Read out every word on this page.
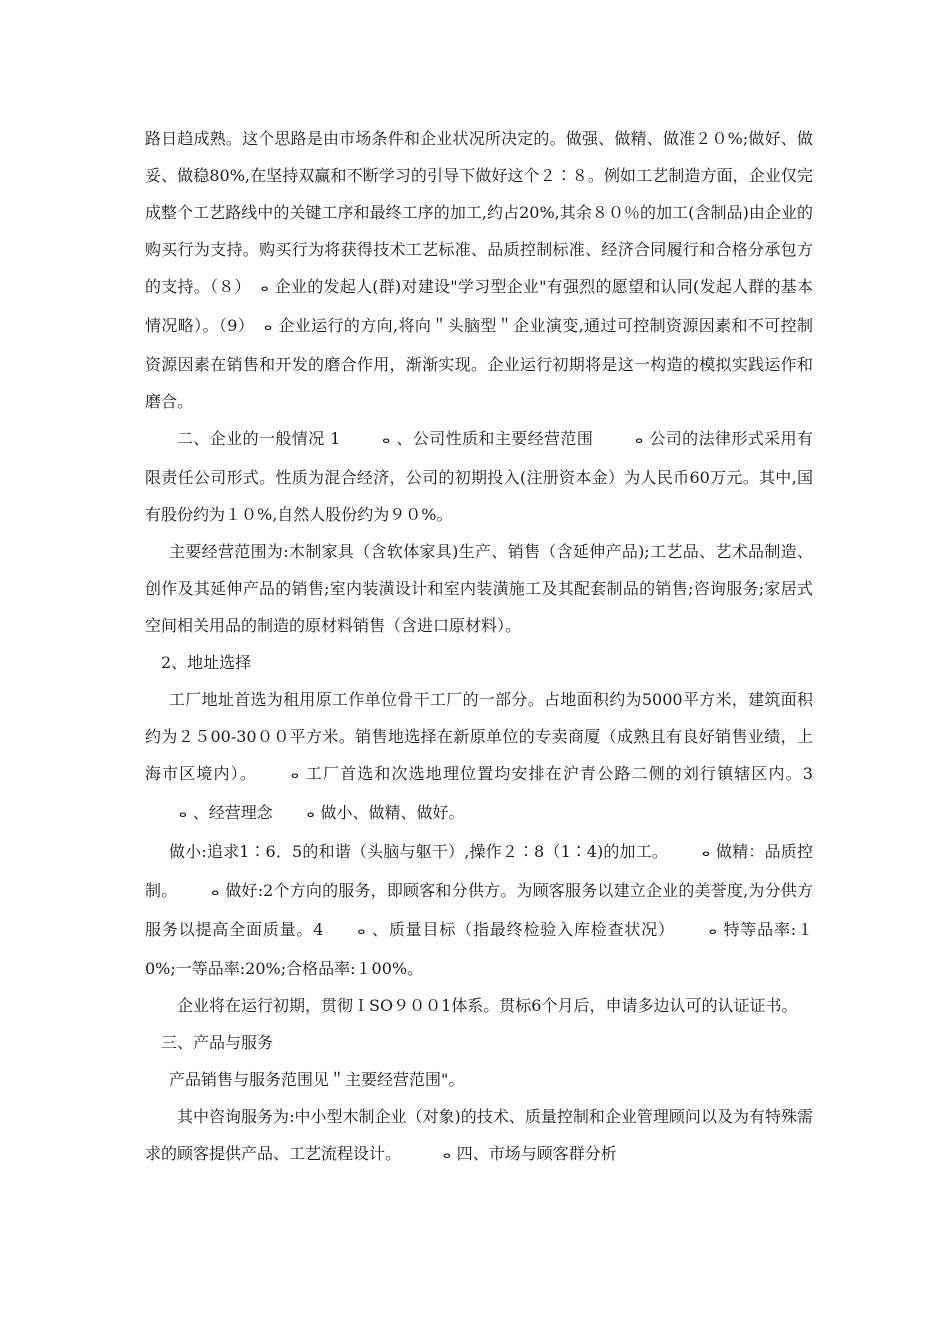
路日趋成熟。这个思路是由市场条件和企业状况所决定的。做强、做精、做准２０%;做好、做妥、做稳80%,在坚持双赢和不断学习的引导下做好这个２∶８。例如工艺制造方面，企业仅完成整个工艺路线中的关键工序和最终工序的加工,约占20%,其余８０％的加工(含制品)由企业的购买行为支持。购买行为将获得技术工艺标准、品质控制标准、经济合同履行和合格分承包方的支持。（８） ⴰ 企业的发起人(群)对建设"学习型企业"有强烈的愿望和认同(发起人群的基本情况略）。（9） ⴰ 企业运行的方向,将向＂头脑型＂企业演变,通过可控制资源因素和不可控制资源因素在销售和开发的磨合作用，渐渐实现。企业运行初期将是这一构造的模拟实践运作和磨合。

二、企业的一般情况 1	ⴰ 、公司性质和主要经营范围	ⴰ 公司的法律形式采用有限责任公司形式。性质为混合经济，公司的初期投入(注册资本金）为人民币60万元。其中,国有股份约为１０%,自然人股份约为９０%。

主要经营范围为:木制家具（含软体家具)生产、销售（含延伸产品);工艺品、艺术品制造、创作及其延伸产品的销售;室内装潢设计和室内装潢施工及其配套制品的销售;咨询服务;家居式空间相关用品的制造的原材料销售（含进口原材料）。

2、地址选择

工厂地址首选为租用原工作单位骨干工厂的一部分。占地面积约为5000平方米，建筑面积约为２５00-30００平方米。销售地选择在新原单位的专卖商厦（成熟且有良好销售业绩，上海市区境内）。	ⴰ 工厂首选和次选地理位置均安排在沪青公路二侧的刘行镇辖区内。3ⴰ 、经营理念	ⴰ 做小、做精、做好。

做小:追求1∶6．5的和谐（头脑与躯干）,操作２∶8（1∶4)的加工。	ⴰ 做精：品质控制。	ⴰ 做好:2个方向的服务，即顾客和分供方。为顾客服务以建立企业的美誉度,为分供方服务以提高全面质量。4	ⴰ 、质量目标（指最终检验入库检查状况）	ⴰ 特等品率:１0%;一等品率:20%;合格品率:１00%。

企业将在运行初期，贯彻ＩSO９００1体系。贯标6个月后，申请多边认可的认证证书。

三、产品与服务

产品销售与服务范围见＂主要经营范围"。

其中咨询服务为:中小型木制企业（对象)的技术、质量控制和企业管理顾问以及为有特殊需求的顾客提供产品、工艺流程设计。	ⴰ 四、市场与顾客群分析
